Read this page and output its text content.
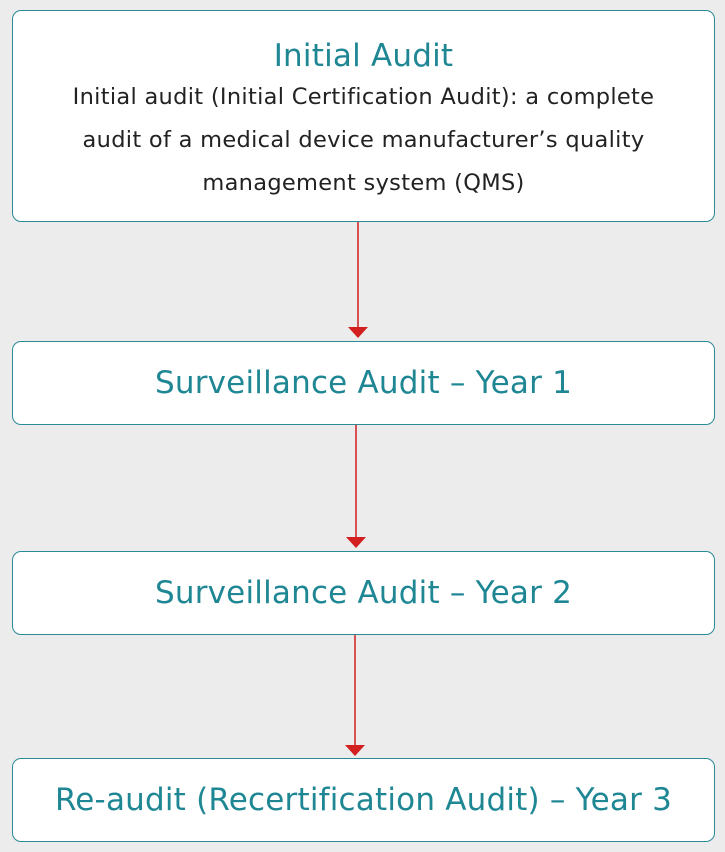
Initial Audit
Initial audit (Initial Certification Audit): a complete audit of a medical device manufacturer’s quality management system (QMS)
Surveillance Audit – Year 1
Surveillance Audit – Year 2
Re-audit (Recertification Audit) – Year 3
